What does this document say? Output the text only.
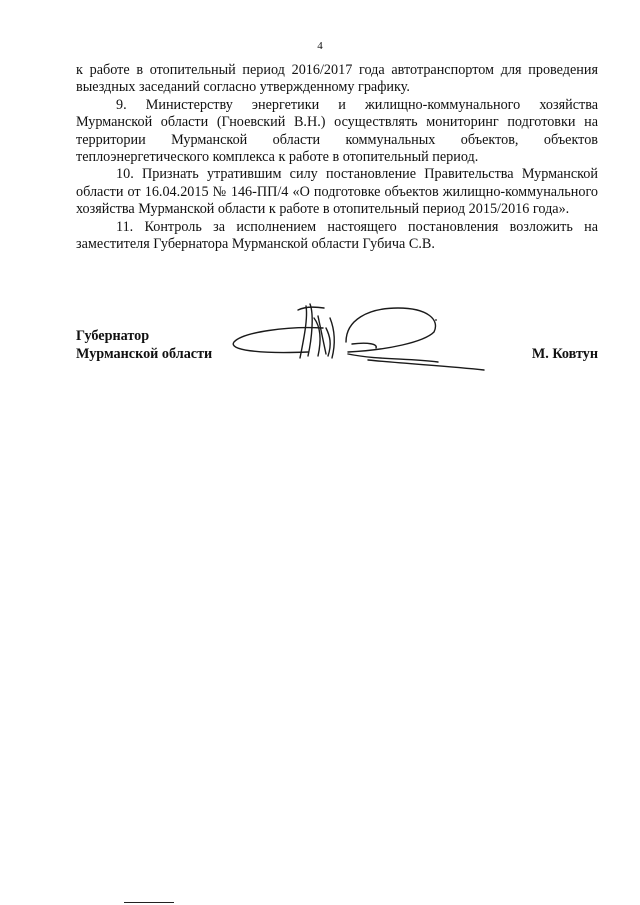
4

к работе в отопительный период 2016/2017 года автотранспортом для проведения выездных заседаний согласно утвержденному графику.

9. Министерству энергетики и жилищно-коммунального хозяйства Мурманской области (Гноевский В.Н.) осуществлять мониторинг подготовки на территории Мурманской области коммунальных объектов, объектов теплоэнергетического комплекса к работе в отопительный период.

10. Признать утратившим силу постановление Правительства Мурманской области от 16.04.2015 № 146-ПП/4 «О подготовке объектов жилищно-коммунального хозяйства Мурманской области к работе в отопительный период 2015/2016 года».

11. Контроль за исполнением настоящего постановления возложить на заместителя Губернатора Мурманской области Губича С.В.

Губернатор
Мурманской области	М. Ковтун
